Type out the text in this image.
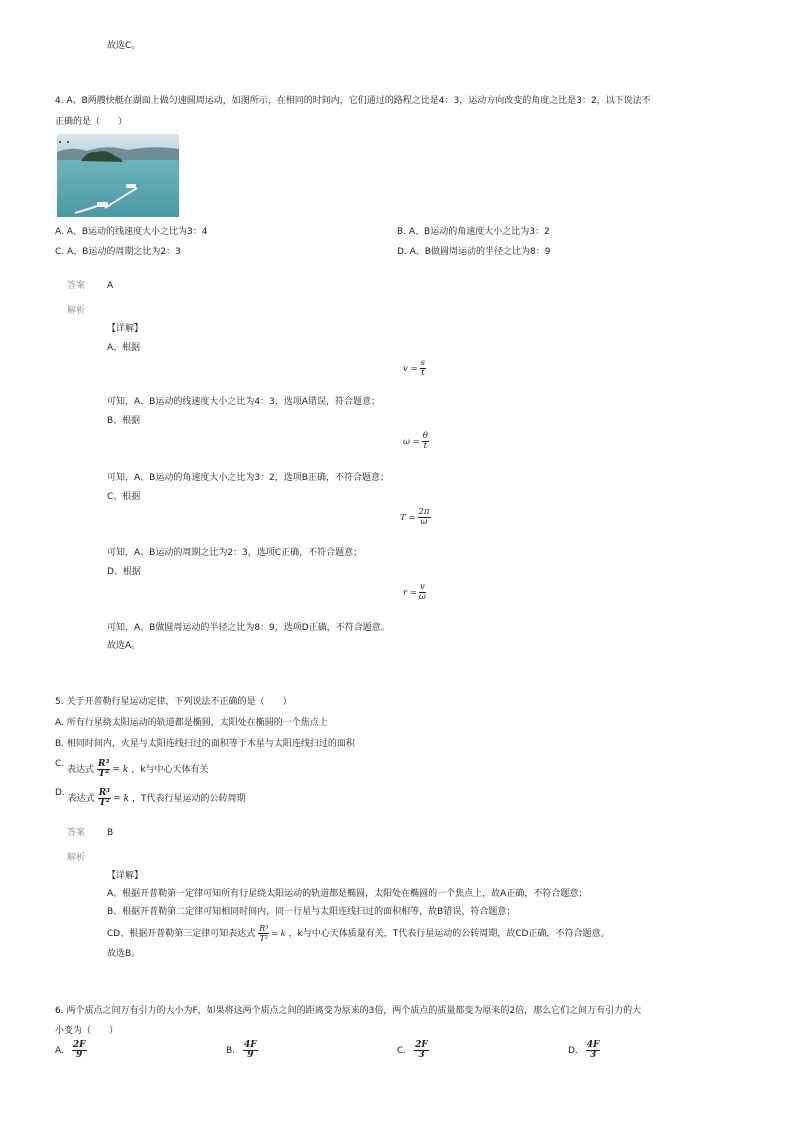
故选C。
4. A、B两艘快艇在湖面上做匀速圆周运动，如图所示，在相同的时间内，它们通过的路程之比是4：3，运动方向改变的角度之比是3：2，以下说法不
正确的是（　　）
A. A、B运动的线速度大小之比为3：4	B. A、B运动的角速度大小之比为3：2
C. A、B运动的周期之比为2：3	D. A、B做圆周运动的半径之比为8：9
答案 A
解析
【详解】
A、根据
$v = \frac{s}{t}$
可知，A、B运动的线速度大小之比为4：3，选项A错误，符合题意；
B、根据
$\omega = \frac{\theta}{t}$
可知，A、B运动的角速度大小之比为3：2，选项B正确，不符合题意；
C、根据
$T = \frac{2\pi}{\omega}$
可知，A、B运动的周期之比为2：3，选项C正确，不符合题意；
D、根据
$r = \frac{v}{\omega}$
可知，A、B做圆周运动的半径之比为8：9，选项D正确，不符合题意。
故选A。
5. 关于开普勒行星运动定律，下列说法不正确的是（　　）
A. 所有行星绕太阳运动的轨道都是椭圆，太阳处在椭圆的一个焦点上
B. 相同时间内，火星与太阳连线扫过的面积等于木星与太阳连线扫过的面积
C.
表达式 $\frac{\text{R³}}{\text{T²}} = k$ ，k与中心天体有关
D.
表达式 $\frac{\text{R³}}{\text{T²}} = k$ ，T代表行星运动的公转周期
答案 B
解析
【详解】
A、根据开普勒第一定律可知所有行星绕太阳运动的轨道都是椭圆，太阳处在椭圆的一个焦点上，故A正确，不符合题意；
B、根据开普勒第二定律可知相同时间内，同一行星与太阳连线扫过的面积相等，故B错误，符合题意；
CD、根据开普勒第三定律可知表达式 $\frac{\text{R³}}{\text{T²}} = k$ ，k与中心天体质量有关，T代表行星运动的公转周期，故CD正确，不符合题意。
故选B。
6. 两个质点之间万有引力的大小为F，如果将这两个质点之间的距离变为原来的3倍，两个质点的质量都变为原来的2倍，那么它们之间万有引力的大
小变为（　　）
A. $\frac{2F}{9}$	B. $\frac{4F}{9}$	C. $\frac{2F}{3}$	D. $\frac{4F}{3}$
